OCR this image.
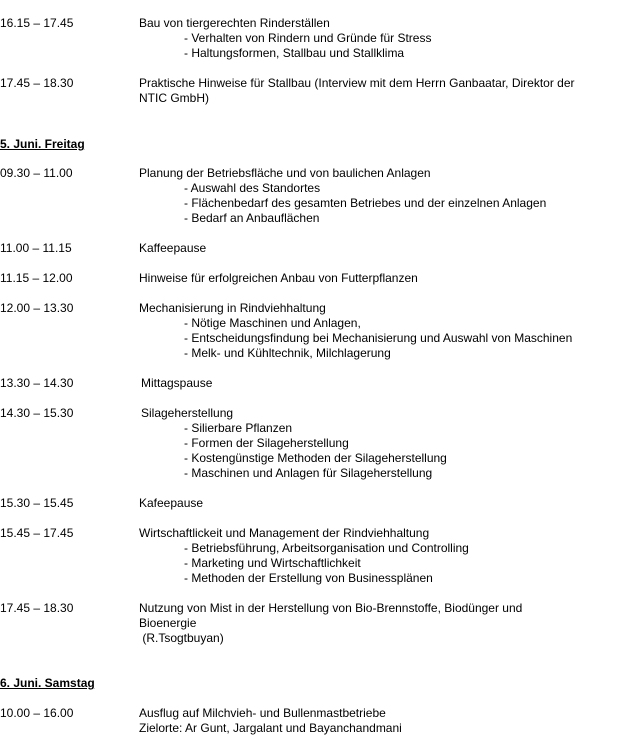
16.15 – 17.45	Bau von tiergerechten Rinderställen
- Verhalten von Rindern und Gründe für Stress
- Haltungsformen, Stallbau und Stallklima
17.45 – 18.30	Praktische Hinweise für Stallbau (Interview mit dem Herrn Ganbaatar, Direktor der
NTIC GmbH)
5. Juni. Freitag
09.30 – 11.00	Planung der Betriebsfläche und von baulichen Anlagen
- Auswahl des Standortes
- Flächenbedarf des gesamten Betriebes und der einzelnen Anlagen
- Bedarf an Anbauflächen
11.00 – 11.15	Kaffeepause
11.15 – 12.00	Hinweise für erfolgreichen Anbau von Futterpflanzen
12.00 – 13.30	Mechanisierung in Rindviehhaltung
- Nötige Maschinen und Anlagen,
- Entscheidungsfindung bei Mechanisierung und Auswahl von Maschinen
- Melk- und Kühltechnik, Milchlagerung
13.30 – 14.30	Mittagspause
14.30 – 15.30	Silageherstellung
- Silierbare Pflanzen
- Formen der Silageherstellung
- Kostengünstige Methoden der Silageherstellung
- Maschinen und Anlagen für Silageherstellung
15.30 – 15.45	Kafeepause
15.45 – 17.45	Wirtschaftlickeit und Management der Rindviehhaltung
- Betriebsführung, Arbeitsorganisation und Controlling
- Marketing und Wirtschaftlichkeit
- Methoden der Erstellung von Businessplänen
17.45 – 18.30	Nutzung von Mist in der Herstellung von Bio-Brennstoffe, Biodünger und
Bioenergie
(R.Tsogtbuyan)
6. Juni. Samstag
10.00 – 16.00	Ausflug auf Milchvieh- und Bullenmastbetriebe
Zielorte: Ar Gunt, Jargalant und Bayanchandmani
